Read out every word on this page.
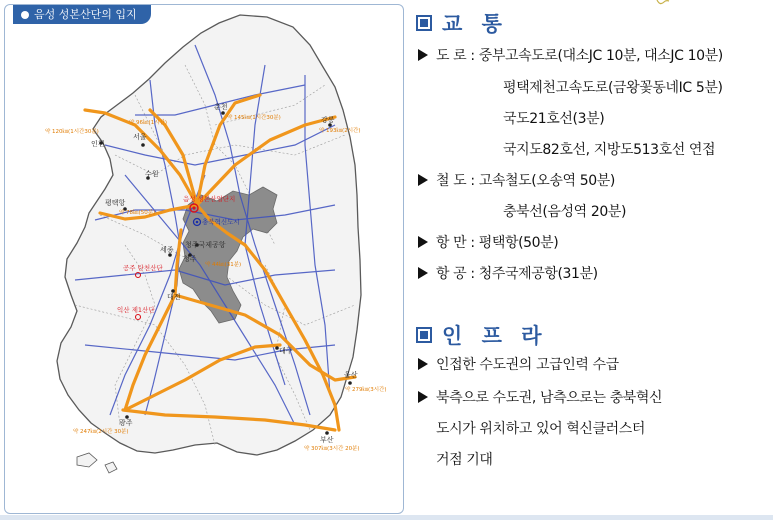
서울
인천
수원
평택항
춘천
강릉
세종
청주
청주국제공항
대전
대구
울산
부산
광주
음성 성본산업단지
충북혁신도시
공주 탄천산단
익산 제1산단
약 120㎞(1시간30분)
약 96㎞(1시간)
약 145㎞(1시간30분)
약 193㎞(2시간)
약 78㎞(50분)
약 44㎞(31분)
약 279㎞(3시간)
약 307㎞(3시간 20분)
약 247㎞(2시간 30분)
음성 성본산단의 입지	교 통
도 로 : 중부고속도로(대소JC 10분, 대소JC 10분)
평택제천고속도로(금왕꽃동네IC 5분)
국도21호선(3분)
국지도82호선, 지방도513호선 연접
철 도 : 고속철도(오송역 50분)
충북선(음성역 20분)
항 만 : 평택항(50분)
항 공 : 청주국제공항(31분)
인 프 라
인접한 수도권의 고급인력 수급
북측으로 수도권, 남측으로는 충북혁신
도시가 위치하고 있어 혁신클러스터
거점 기대
